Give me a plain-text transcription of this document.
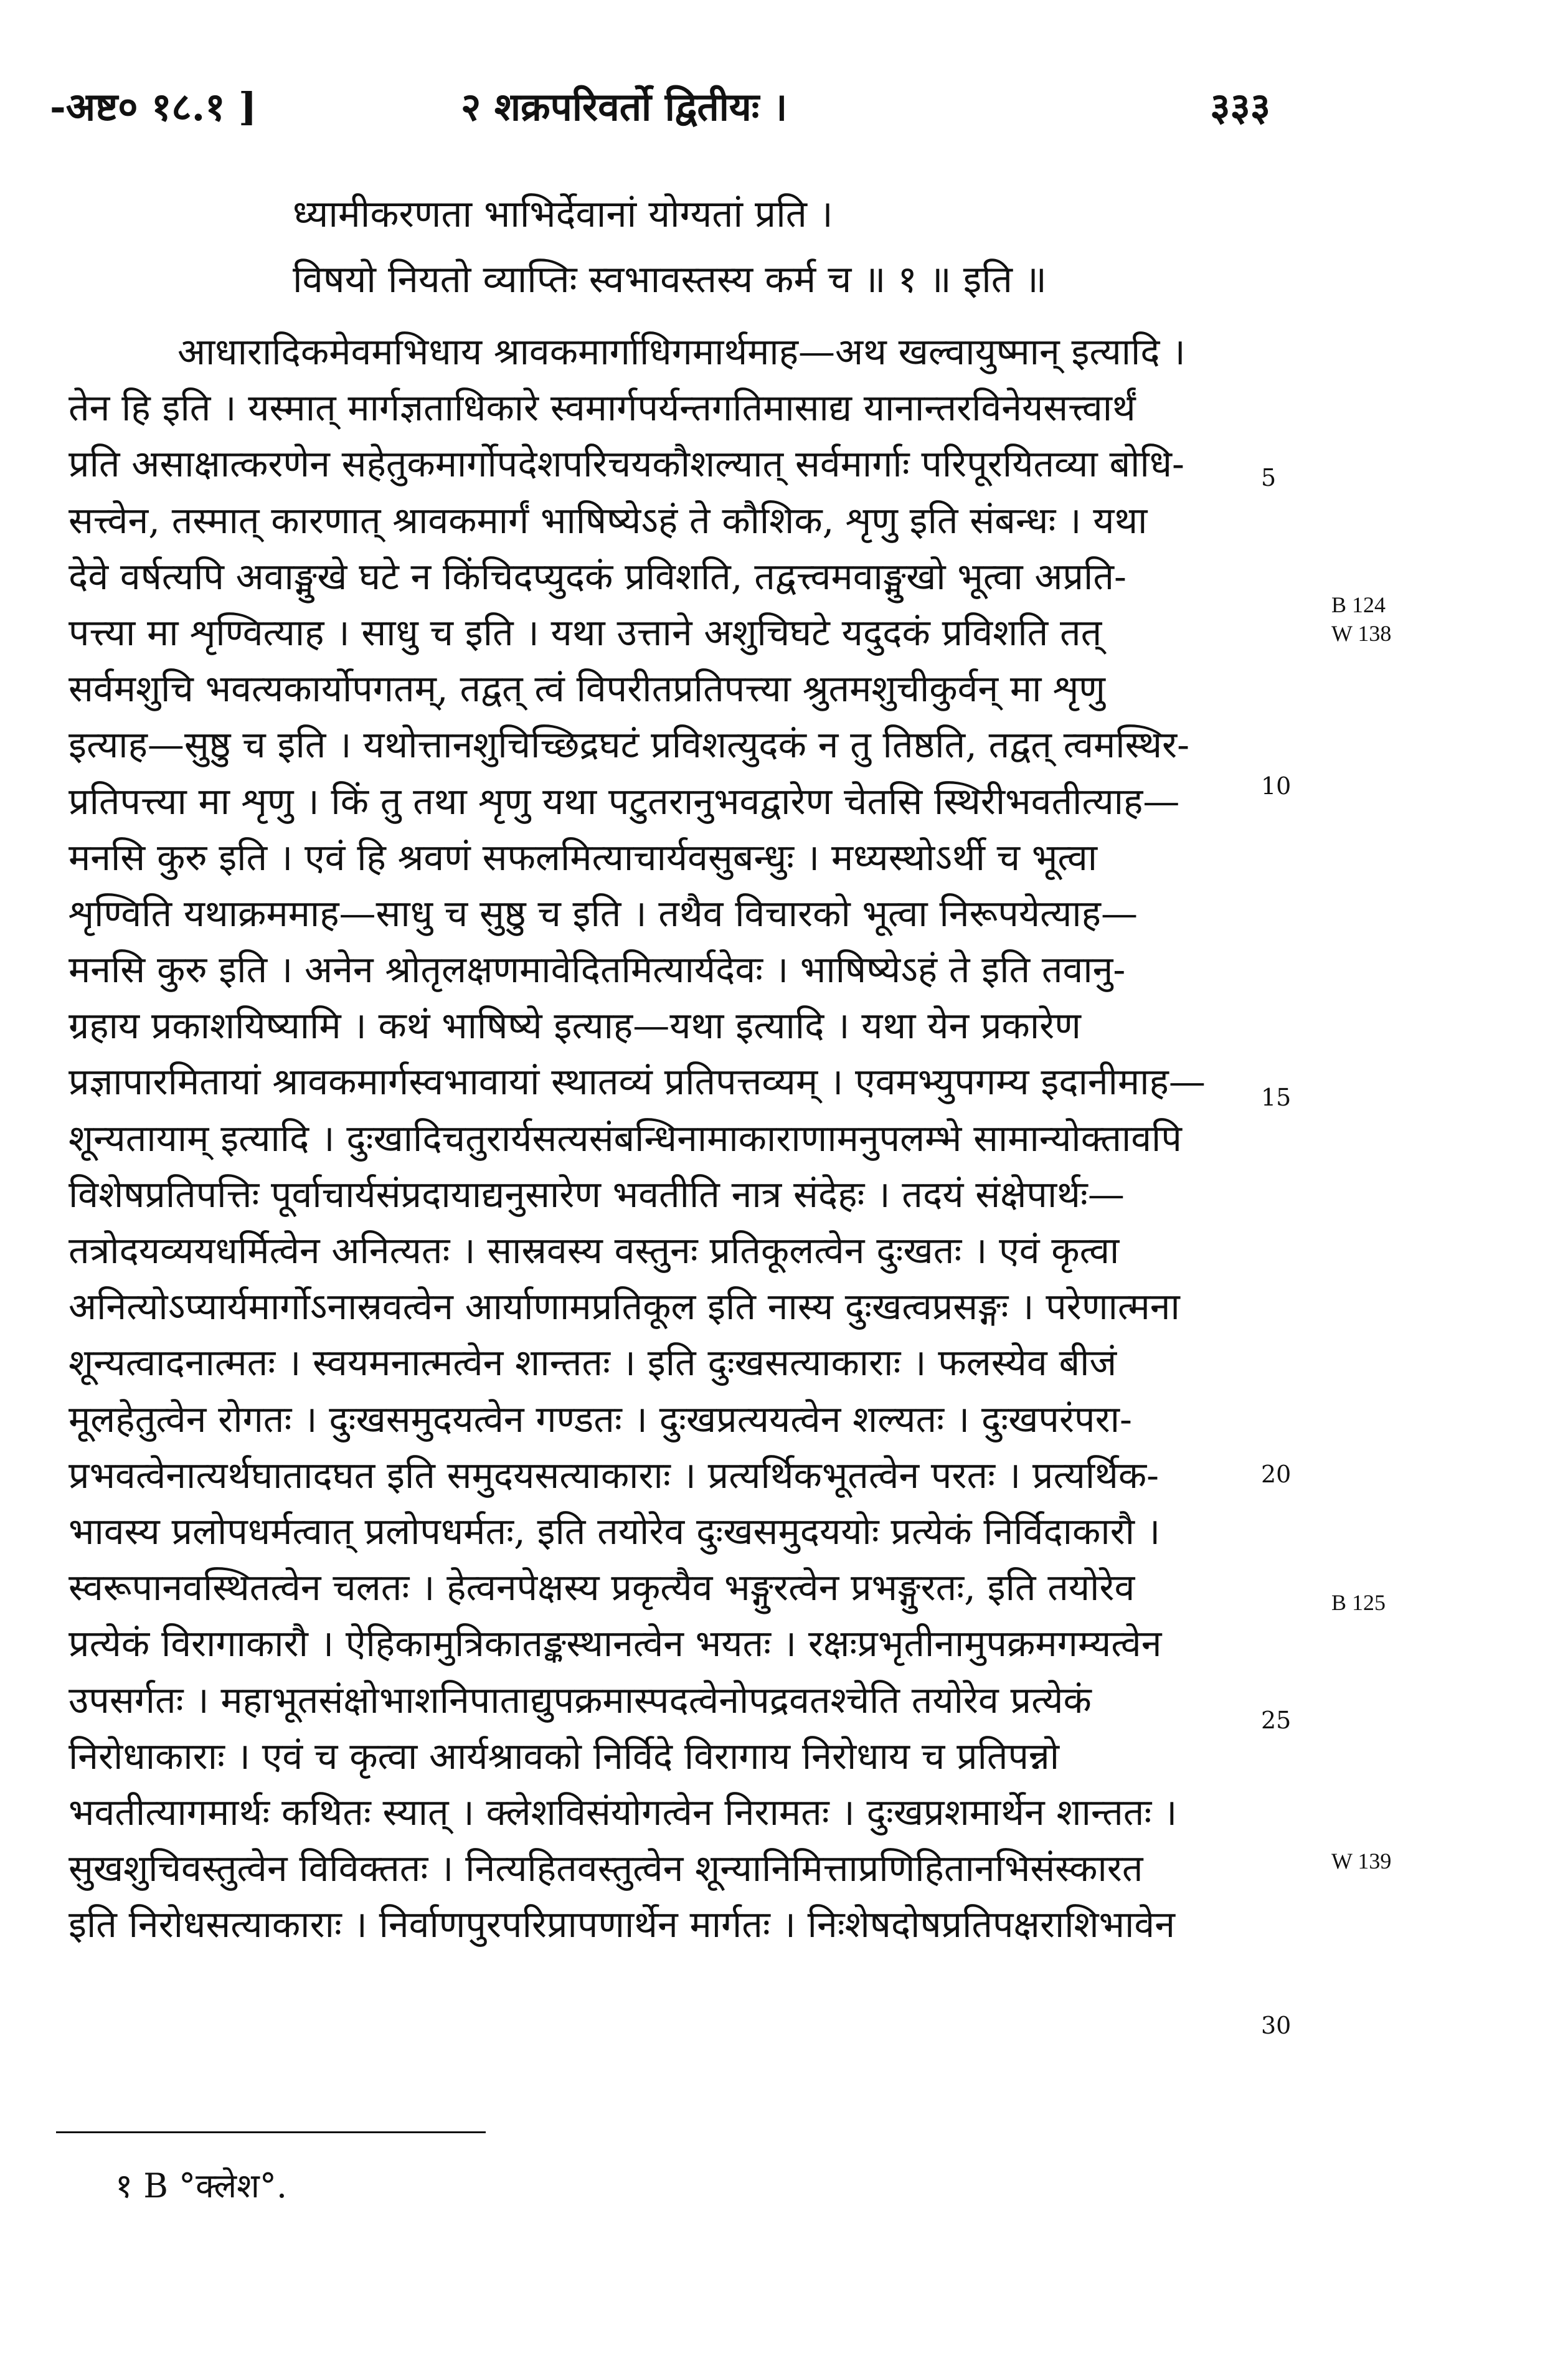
-अष्ट० १८.१ ]	२ शक्रपरिवर्तो द्वितीयः ।	३३३
ध्यामीकरणता भाभिर्देवानां योग्यतां प्रति ।
विषयो नियतो व्याप्तिः स्वभावस्तस्य कर्म च ॥ १ ॥ इति ॥
आधारादिकमेवमभिधाय श्रावकमार्गाधिगमार्थमाह—अथ खल्वायुष्मान् इत्यादि ।
तेन हि इति । यस्मात् मार्गज्ञताधिकारे स्वमार्गपर्यन्तगतिमासाद्य यानान्तरविनेयसत्त्वार्थं
प्रति असाक्षात्करणेन सहेतुकमार्गोपदेशपरिचयकौशल्यात् सर्वमार्गाः परिपूरयितव्या बोधि-
सत्त्वेन, तस्मात् कारणात् श्रावकमार्गं भाषिष्येऽहं ते कौशिक, शृणु इति संबन्धः । यथा
देवे वर्षत्यपि अवाङ्मुखे घटे न किंचिदप्युदकं प्रविशति, तद्वत्त्वमवाङ्मुखो भूत्वा अप्रति-
पत्त्या मा शृण्वित्याह । साधु च इति । यथा उत्ताने अशुचिघटे यदुदकं प्रविशति तत्
सर्वमशुचि भवत्यकार्योपगतम्, तद्वत् त्वं विपरीतप्रतिपत्त्या श्रुतमशुचीकुर्वन् मा शृणु
इत्याह—सुष्ठु च इति । यथोत्तानशुचिच्छिद्रघटं प्रविशत्युदकं न तु तिष्ठति, तद्वत् त्वमस्थिर-
प्रतिपत्त्या मा शृणु । किं तु तथा शृणु यथा पटुतरानुभवद्वारेण चेतसि स्थिरीभवतीत्याह—
मनसि कुरु इति । एवं हि श्रवणं सफलमित्याचार्यवसुबन्धुः । मध्यस्थोऽर्थी च भूत्वा
शृण्विति यथाक्रममाह—साधु च सुष्ठु च इति । तथैव विचारको भूत्वा निरूपयेत्याह—
मनसि कुरु इति । अनेन श्रोतृलक्षणमावेदितमित्यार्यदेवः । भाषिष्येऽहं ते इति तवानु-
ग्रहाय प्रकाशयिष्यामि । कथं भाषिष्ये इत्याह—यथा इत्यादि । यथा येन प्रकारेण
प्रज्ञापारमितायां श्रावकमार्गस्वभावायां स्थातव्यं प्रतिपत्तव्यम् । एवमभ्युपगम्य इदानीमाह—
शून्यतायाम् इत्यादि । दुःखादिचतुरार्यसत्यसंबन्धिनामाकाराणामनुपलम्भे सामान्योक्तावपि
विशेषप्रतिपत्तिः पूर्वाचार्यसंप्रदायाद्यनुसारेण भवतीति नात्र संदेहः । तदयं संक्षेपार्थः—
तत्रोदयव्ययधर्मित्वेन अनित्यतः । सास्रवस्य वस्तुनः प्रतिकूलत्वेन दुःखतः । एवं कृत्वा
अनित्योऽप्यार्यमार्गोऽनास्रवत्वेन आर्याणामप्रतिकूल इति नास्य दुःखत्वप्रसङ्गः । परेणात्मना
शून्यत्वादनात्मतः । स्वयमनात्मत्वेन शान्ततः । इति दुःखसत्याकाराः । फलस्येव बीजं
मूलहेतुत्वेन रोगतः । दुःखसमुदयत्वेन गण्डतः । दुःखप्रत्ययत्वेन शल्यतः । दुःखपरंपरा-
प्रभवत्वेनात्यर्थघातादघत इति समुदयसत्याकाराः । प्रत्यर्थिकभूतत्वेन परतः । प्रत्यर्थिक-
भावस्य प्रलोपधर्मत्वात् प्रलोपधर्मतः, इति तयोरेव दुःखसमुदययोः प्रत्येकं निर्विदाकारौ ।
स्वरूपानवस्थितत्वेन चलतः । हेत्वनपेक्षस्य प्रकृत्यैव भङ्गुरत्वेन प्रभङ्गुरतः, इति तयोरेव
प्रत्येकं विरागाकारौ । ऐहिकामुत्रिकातङ्कस्थानत्वेन भयतः । रक्षःप्रभृतीनामुपक्रमगम्यत्वेन
उपसर्गतः । महाभूतसंक्षोभाशनिपाताद्युपक्रमास्पदत्वेनोपद्रवतश्चेति तयोरेव प्रत्येकं
निरोधाकाराः । एवं च कृत्वा आर्यश्रावको निर्विदे विरागाय निरोधाय च प्रतिपन्नो
भवतीत्यागमार्थः कथितः स्यात् । क्लेशविसंयोगत्वेन निरामतः । दुःखप्रशमार्थेन शान्ततः ।
सुखशुचिवस्तुत्वेन विविक्ततः । नित्यहितवस्तुत्वेन शून्यानिमित्ताप्रणिहितानभिसंस्कारत
इति निरोधसत्याकाराः । निर्वाणपुरपरिप्रापणार्थेन मार्गतः । निःशेषदोषप्रतिपक्षराशिभावेन
5
10
15
20
25
30
B 124
W 138
B 125
W 139
१ B °क्लेश°.
